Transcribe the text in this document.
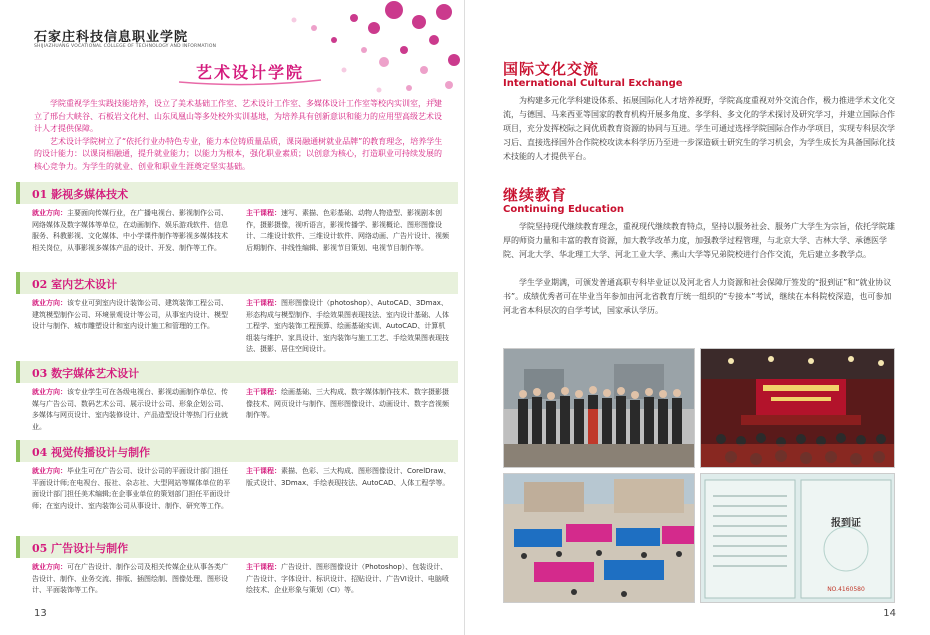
石家庄科技信息职业学院
SHIJIAZHUANG VOCATIONAL COLLEGE OF TECHNOLOGY AND INFORMATION
艺术设计学院

学院重视学生实践技能培养，设立了美术基础工作室、艺术设计工作室、多媒体设计工作室等校内实训室，并建立了邢台大峡谷、石板岩文化村、山东凤凰山等多处校外实训基地，为培养具有创新意识和能力的应用型高级艺术设计人才提供保障。

艺术设计学院树立了“依托行业办特色专业，能力本位铸质量品质，课岗融通树就业品牌”的教育理念，培养学生的设计能力：以课岗相融通，提升就业能力；以能力为根本，强化职业素质；以创意为核心，打造职业可持续发展的核心竞争力。为学生的就业、创业和职业生涯奠定坚实基础。

01 影视多媒体技术
就业方向：主要面向传媒行业，在广播电视台、影视制作公司、网络媒体及数字媒体等单位，在动画制作、娱乐游戏软件、信息服务、科教影视、文化媒体、中小学课件制作等影视多媒体技术相关岗位，从事影视多媒体产品的设计、开发、制作等工作。
主干课程：速写、素描、色彩基础、动物人物造型、影视剧本创作，摄影摄像，视听语言，影视传播学、影视概论、图形图像设计、二维设计软件、三维设计软件、网络动画、广告片设计、视频后期制作、非线性编辑、影视节目策划、电视节目制作等。
02 室内艺术设计
就业方向：该专业可到室内设计装饰公司、建筑装饰工程公司、建筑模型制作公司、环境景观设计等公司，从事室内设计、模型设计与制作、城市雕塑设计和室内设计施工和管理的工作。
主干课程：图形图像设计（photoshop）、AutoCAD、3Dmax、形态构成与模型制作、手绘效果图表现技法、室内设计基础、人体工程学、室内装饰工程预算、绘画基础实训、AutoCAD、计算机组装与维护、家具设计、室内装饰与施工工艺、手绘效果图表现技法、摄影、居住空间设计。
03 数字媒体艺术设计
就业方向：该专业学生可在各级电视台、影视动画制作单位、传媒与广告公司、数码艺术公司、展示设计公司、形象企划公司、多媒体与网页设计、室内装修设计、产品造型设计等热门行业就业。
主干课程：绘画基础、三大构成、数字媒体制作技术、数字摄影摄像技术、网页设计与制作、图形图像设计、动画设计、数字音视频制作等。
04 视觉传播设计与制作
就业方向：毕业生可在广告公司、设计公司的平面设计部门担任平面设计师;在电视台、报社、杂志社、大型网站等媒体单位的平面设计部门担任美术编辑;在企事业单位的策划部门担任平面设计师；在室内设计、室内装饰公司从事设计、制作、研究等工作。
主干课程：素描、色彩、三大构成、图形图像设计、CorelDraw、版式设计、3Dmax、手绘表现技法、AutoCAD、人体工程学等。
05 广告设计与制作
就业方向：可在广告设计、制作公司及相关传媒企业从事各类广告设计、制作、业务交流、排版、插图绘制、图像处理、图形设计、平面装饰等工作。
主干课程：广告设计、图形图像设计（Photoshop）、包装设计、广告设计、字体设计、标识设计、招贴设计、广告VI设计、电脑喷绘技术、企业形象与策划（CI）等。
13
国际文化交流
International Cultural Exchange
为构建多元化学科建设体系、拓展国际化人才培养视野，学院高度重视对外交流合作，极力推进学术文化交流，与德国、马来西亚等国家的教育机构开展多角度、多学科、多文化的学术探讨及研究学习，并建立国际合作项目，充分发挥校际之间优质教育资源的协同与互进。学生可通过选择学院国际合作办学项目，实现专科层次学习后、直接选择国外合作院校攻读本科学历乃至进一步深造硕士研究生的学习机会，为学生成长为具备国际化技术技能的人才提供平台。
继续教育
Continuing Education
学院坚持现代继续教育理念，重视现代继续教育特点，坚持以服务社会、服务广大学生为宗旨，依托学院雄厚的师资力量和丰富的教育资源，加大教学改革力度，加强教学过程管理，与北京大学、吉林大学、承德医学院、河北大学、华北理工大学、河北工业大学、燕山大学等兄弟院校进行合作交流，先后建立多教学点。
学生学业期满，可颁发普通高职专科毕业证以及河北省人力资源和社会保障厅签发的“报到证”和“就业协议书”。成绩优秀者可在毕业当年参加由河北省教育厅统一组织的“专接本”考试，继续在本科院校深造，也可参加河北省本科层次的自学考试，国家承认学历。
报到证
NO.4160580
14
